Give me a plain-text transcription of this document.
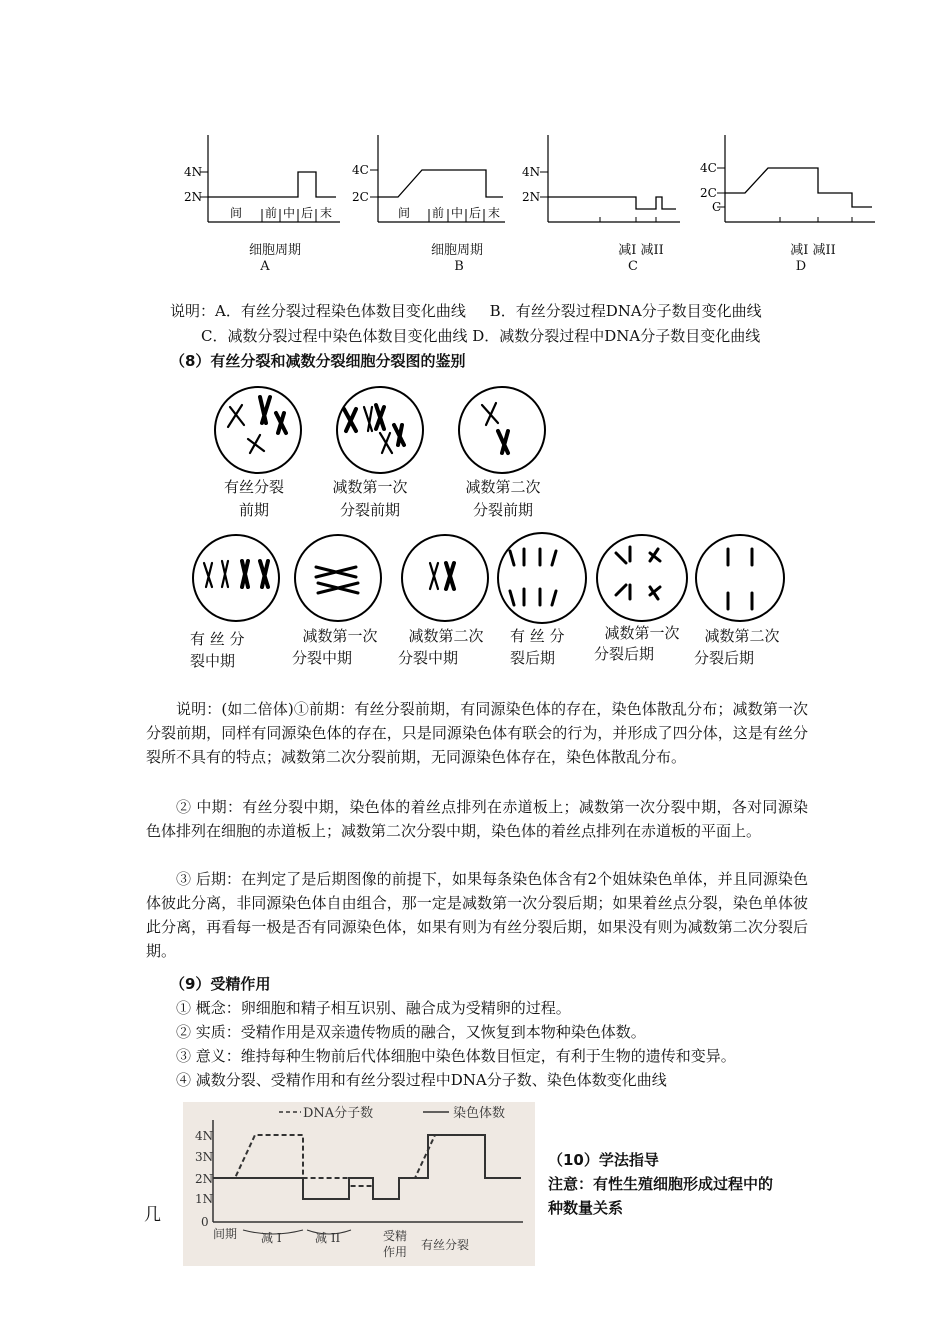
4N
2N
间 前 中 后 末
4C
2C
间 前 中 后 末
4N
2N
4C
2C
C
细胞周期
A
细胞周期
B
减I 减II
C
减I 减II
D
说明：A．有丝分裂过程染色体数目变化曲线     B．有丝分裂过程DNA分子数目变化曲线
C．减数分裂过程中染色体数目变化曲线 D．减数分裂过程中DNA分子数目变化曲线
（8）有丝分裂和减数分裂细胞分裂图的鉴别
有丝分裂
前期
减数第一次
分裂前期
减数第二次
分裂前期
有 丝 分
裂中期
减数第一次
分裂中期
减数第二次
分裂中期
有 丝 分
裂后期
减数第一次
分裂后期
减数第二次
分裂后期
说明：(如二倍体)①前期：有丝分裂前期，有同源染色体的存在，染色体散乱分布；减数第一次分裂前期，同样有同源染色体的存在，只是同源染色体有联会的行为，并形成了四分体，这是有丝分裂所不具有的特点；减数第二次分裂前期，无同源染色体存在，染色体散乱分布。
② 中期：有丝分裂中期，染色体的着丝点排列在赤道板上；减数第一次分裂中期，各对同源染色体排列在细胞的赤道板上；减数第二次分裂中期，染色体的着丝点排列在赤道板的平面上。
③ 后期：在判定了是后期图像的前提下，如果每条染色体含有2个姐妹染色单体，并且同源染色体彼此分离，非同源染色体自由组合，那一定是减数第一次分裂后期；如果着丝点分裂，染色单体彼此分离，再看每一极是否有同源染色体，如果有则为有丝分裂后期，如果没有则为减数第二次分裂后期。
（9）受精作用
① 概念：卵细胞和精子相互识别、融合成为受精卵的过程。
② 实质：受精作用是双亲遗传物质的融合，又恢复到本物种染色体数。
③ 意义：维持每种生物前后代体细胞中染色体数目恒定，有利于生物的遗传和变异。
④ 减数分裂、受精作用和有丝分裂过程中DNA分子数、染色体数变化曲线
DNA分子数	染色体数
4N
3N
2N
1N
0
间期 减 I	减 II	受精
作用 有丝分裂
几
（10）学法指导
注意：有性生殖细胞形成过程中的
种数量关系
